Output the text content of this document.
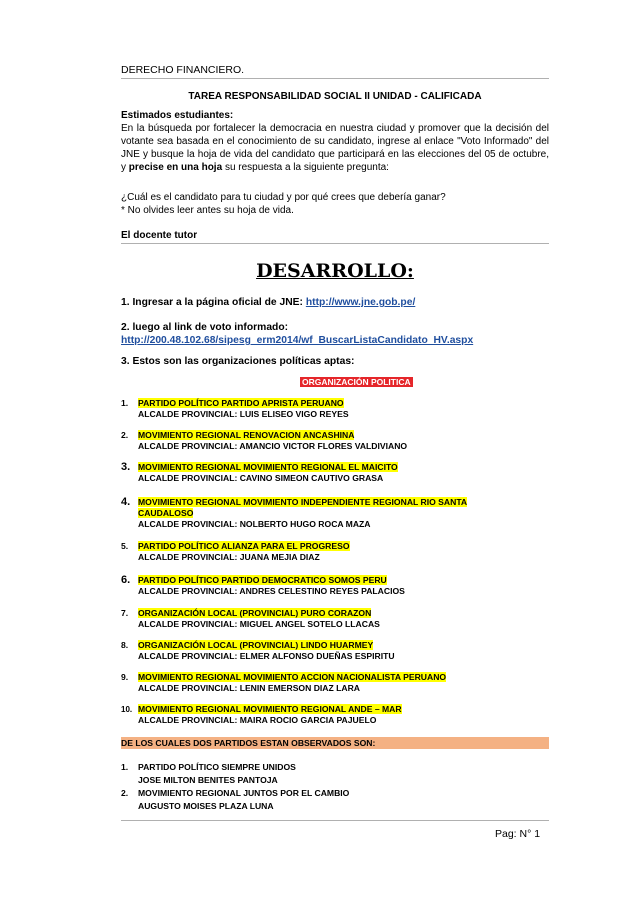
DERECHO FINANCIERO.
TAREA RESPONSABILIDAD SOCIAL II UNIDAD - CALIFICADA
Estimados estudiantes:
En la búsqueda por fortalecer la democracia en nuestra ciudad y promover que la decisión del votante sea basada en el conocimiento de su candidato, ingrese al enlace "Voto Informado" del JNE y busque la hoja de vida del candidato que participará en las elecciones del 05 de octubre, y precise en una hoja su respuesta a la siguiente pregunta:
¿Cuál es el candidato para tu ciudad y por qué crees que debería ganar?
* No olvides leer antes su hoja de vida.
El docente tutor
DESARROLLO:
1. Ingresar a la página oficial de JNE: http://www.jne.gob.pe/
2. luego al link de voto informado:
http://200.48.102.68/sipesg_erm2014/wf_BuscarListaCandidato_HV.aspx
3. Estos son las organizaciones políticas aptas:
ORGANIZACIÓN POLITICA
1. PARTIDO POLÍTICO PARTIDO APRISTA PERUANO
ALCALDE PROVINCIAL: LUIS ELISEO VIGO REYES
2. MOVIMIENTO REGIONAL RENOVACION ANCASHINA
ALCALDE PROVINCIAL: AMANCIO VICTOR FLORES VALDIVIANO
3. MOVIMIENTO REGIONAL MOVIMIENTO REGIONAL EL MAICITO
ALCALDE PROVINCIAL: CAVINO SIMEON CAUTIVO GRASA
4. MOVIMIENTO REGIONAL MOVIMIENTO INDEPENDIENTE REGIONAL RIO SANTA
CAUDALOSO
ALCALDE PROVINCIAL: NOLBERTO HUGO ROCA MAZA
5. PARTIDO POLÍTICO ALIANZA PARA EL PROGRESO
ALCALDE PROVINCIAL: JUANA MEJIA DIAZ
6. PARTIDO POLÍTICO PARTIDO DEMOCRATICO SOMOS PERU
ALCALDE PROVINCIAL: ANDRES CELESTINO REYES PALACIOS
7. ORGANIZACIÓN LOCAL (PROVINCIAL) PURO CORAZON
ALCALDE PROVINCIAL: MIGUEL ANGEL SOTELO LLACAS
8. ORGANIZACIÓN LOCAL (PROVINCIAL) LINDO HUARMEY
ALCALDE PROVINCIAL: ELMER ALFONSO DUEÑAS ESPIRITU
9. MOVIMIENTO REGIONAL MOVIMIENTO ACCION NACIONALISTA PERUANO
ALCALDE PROVINCIAL: LENIN EMERSON DIAZ LARA
10. MOVIMIENTO REGIONAL MOVIMIENTO REGIONAL ANDE – MAR
ALCALDE PROVINCIAL: MAIRA ROCIO GARCIA PAJUELO
DE LOS CUALES DOS PARTIDOS ESTAN OBSERVADOS SON:
1. PARTIDO POLÍTICO SIEMPRE UNIDOS
JOSE MILTON BENITES PANTOJA
2. MOVIMIENTO REGIONAL JUNTOS POR EL CAMBIO
AUGUSTO MOISES PLAZA LUNA
Pag: N° 1
